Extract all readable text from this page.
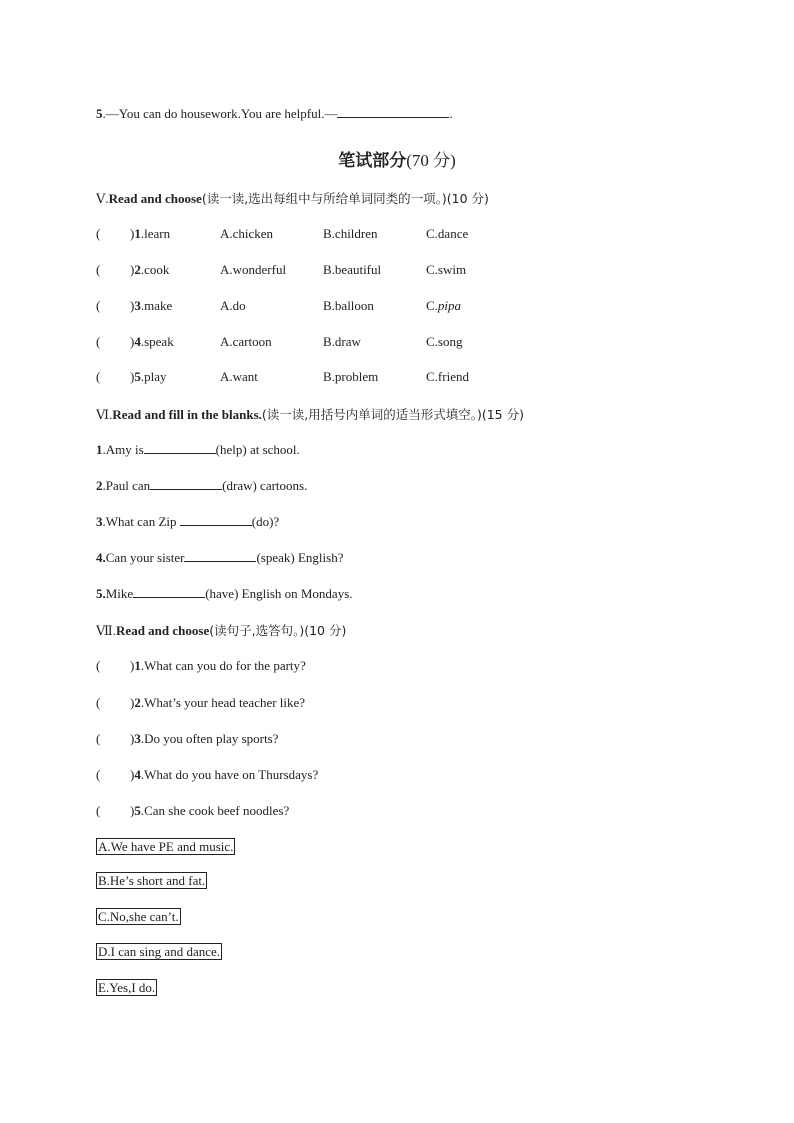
5.—You can do housework.You are helpful.—	.
笔试部分(70 分)
Ⅴ.Read and choose(读一读,选出每组中与所给单词同类的一项。)(10 分)
( )1.learn	A.chicken	B.children	C.dance
( )2.cook	A.wonderful	B.beautiful	C.swim
( )3.make	A.do	B.balloon	C.pipa
( )4.speak	A.cartoon	B.draw	C.song
( )5.play	A.want	B.problem	C.friend
Ⅵ.Read and fill in the blanks.(读一读,用括号内单词的适当形式填空。)(15 分)
1.Amy is	(help) at school.
2.Paul can	(draw) cartoons.
3.What can Zip	(do)?
4.Can your sister	(speak) English?
5.Mike	(have) English on Mondays.
Ⅶ.Read and choose(读句子,选答句。)(10 分)
( )1.What can you do for the party?
( )2.What’s your head teacher like?
( )3.Do you often play sports?
( )4.What do you have on Thursdays?
( )5.Can she cook beef noodles?
A.We have PE and music.
B.He’s short and fat.
C.No,she can’t.
D.I can sing and dance.
E.Yes,I do.
